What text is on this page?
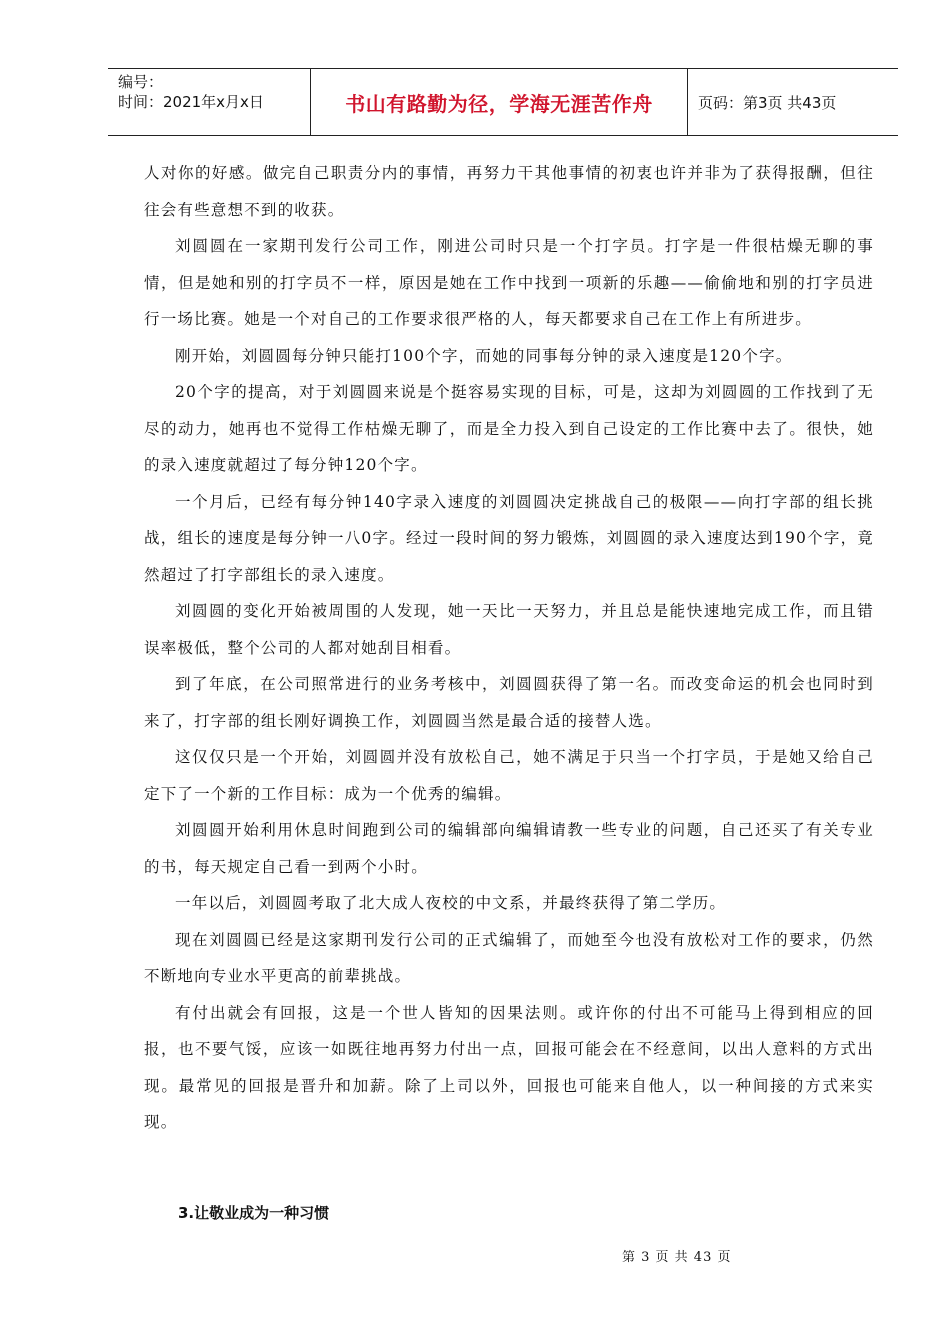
编号：
时间：2021年x月x日	书山有路勤为径，学海无涯苦作舟	页码：第3页 共43页

人对你的好感。做完自己职责分内的事情，再努力干其他事情的初衷也许并非为了获得报酬，但往往会有些意想不到的收获。

刘圆圆在一家期刊发行公司工作，刚进公司时只是一个打字员。打字是一件很枯燥无聊的事情，但是她和别的打字员不一样，原因是她在工作中找到一项新的乐趣——偷偷地和别的打字员进行一场比赛。她是一个对自己的工作要求很严格的人，每天都要求自己在工作上有所进步。

刚开始，刘圆圆每分钟只能打100个字，而她的同事每分钟的录入速度是120个字。

20个字的提高，对于刘圆圆来说是个挺容易实现的目标，可是，这却为刘圆圆的工作找到了无尽的动力，她再也不觉得工作枯燥无聊了，而是全力投入到自己设定的工作比赛中去了。很快，她的录入速度就超过了每分钟120个字。

一个月后，已经有每分钟140字录入速度的刘圆圆决定挑战自己的极限——向打字部的组长挑战，组长的速度是每分钟一八0字。经过一段时间的努力锻炼，刘圆圆的录入速度达到190个字，竟然超过了打字部组长的录入速度。

刘圆圆的变化开始被周围的人发现，她一天比一天努力，并且总是能快速地完成工作，而且错误率极低，整个公司的人都对她刮目相看。

到了年底，在公司照常进行的业务考核中，刘圆圆获得了第一名。而改变命运的机会也同时到来了，打字部的组长刚好调换工作，刘圆圆当然是最合适的接替人选。

这仅仅只是一个开始，刘圆圆并没有放松自己，她不满足于只当一个打字员，于是她又给自己定下了一个新的工作目标：成为一个优秀的编辑。

刘圆圆开始利用休息时间跑到公司的编辑部向编辑请教一些专业的问题，自己还买了有关专业的书，每天规定自己看一到两个小时。

一年以后，刘圆圆考取了北大成人夜校的中文系，并最终获得了第二学历。

现在刘圆圆已经是这家期刊发行公司的正式编辑了，而她至今也没有放松对工作的要求，仍然不断地向专业水平更高的前辈挑战。

有付出就会有回报，这是一个世人皆知的因果法则。或许你的付出不可能马上得到相应的回报，也不要气馁，应该一如既往地再努力付出一点，回报可能会在不经意间，以出人意料的方式出现。最常见的回报是晋升和加薪。除了上司以外，回报也可能来自他人，以一种间接的方式来实现。

3.让敬业成为一种习惯
第 3 页 共 43 页
